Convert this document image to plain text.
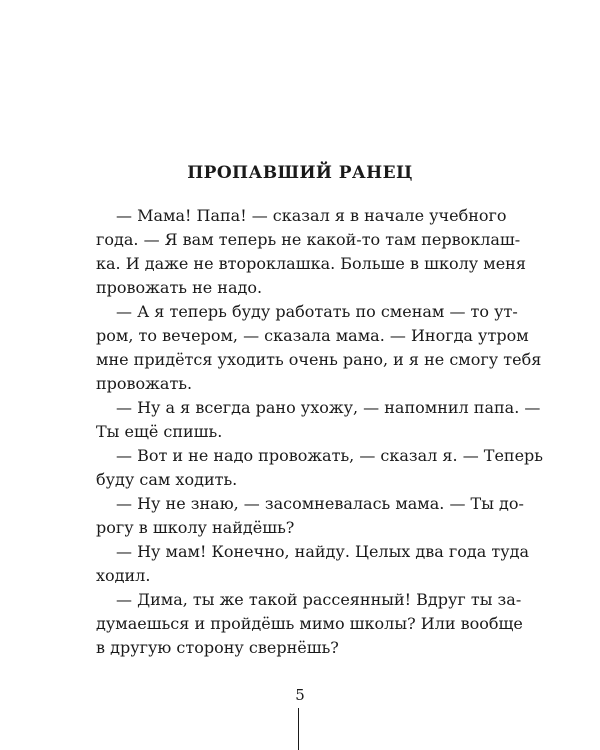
ПРОПАВШИЙ РАНЕЦ
— Мама! Папа! — сказал я в начале учебного
года. — Я вам теперь не какой-то там первоклаш-
ка. И даже не второклашка. Больше в школу меня
провожать не надо.
— А я теперь буду работать по сменам — то ут-
ром, то вечером, — сказала мама. — Иногда утром
мне придётся уходить очень рано, и я не смогу тебя
провожать.
— Ну а я всегда рано ухожу, — напомнил папа. —
Ты ещё спишь.
— Вот и не надо провожать, — сказал я. — Теперь
буду сам ходить.
— Ну не знаю, — засомневалась мама. — Ты до-
рогу в школу найдёшь?
— Ну мам! Конечно, найду. Целых два года туда
ходил.
— Дима, ты же такой рассеянный! Вдруг ты за-
думаешься и пройдёшь мимо школы? Или вообще
в другую сторону свернёшь?
5
